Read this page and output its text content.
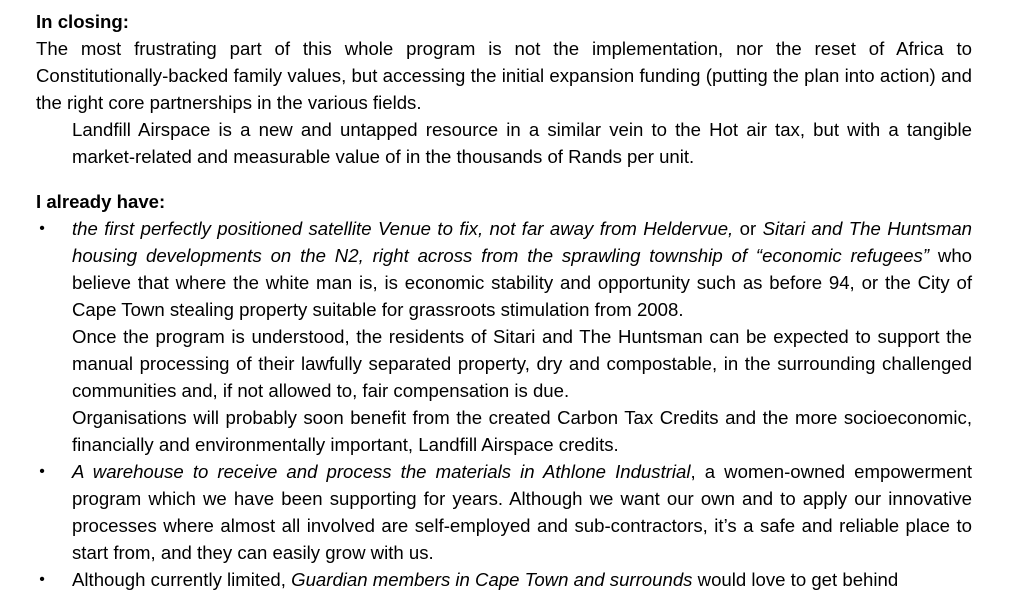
In closing:

The most frustrating part of this whole program is not the implementation, nor the reset of Africa to Constitutionally-backed family values, but accessing the initial expansion funding (putting the plan into action) and the right core partnerships in the various fields.

Landfill Airspace is a new and untapped resource in a similar vein to the Hot air tax, but with a tangible market-related and measurable value of in the thousands of Rands per unit.

I already have:

• the first perfectly positioned satellite Venue to fix, not far away from Heldervue, or Sitari and The Huntsman housing developments on the N2, right across from the sprawling township of “economic refugees” who believe that where the white man is, is economic stability and opportunity such as before 94, or the City of Cape Town stealing property suitable for grassroots stimulation from 2008.

Once the program is understood, the residents of Sitari and The Huntsman can be expected to support the manual processing of their lawfully separated property, dry and compostable, in the surrounding challenged communities and, if not allowed to, fair compensation is due.

Organisations will probably soon benefit from the created Carbon Tax Credits and the more socioeconomic, financially and environmentally important, Landfill Airspace credits.

• A warehouse to receive and process the materials in Athlone Industrial, a women-owned empowerment program which we have been supporting for years. Although we want our own and to apply our innovative processes where almost all involved are self-employed and sub-contractors, it’s a safe and reliable place to start from, and they can easily grow with us.

• Although currently limited, Guardian members in Cape Town and surrounds would love to get behind
